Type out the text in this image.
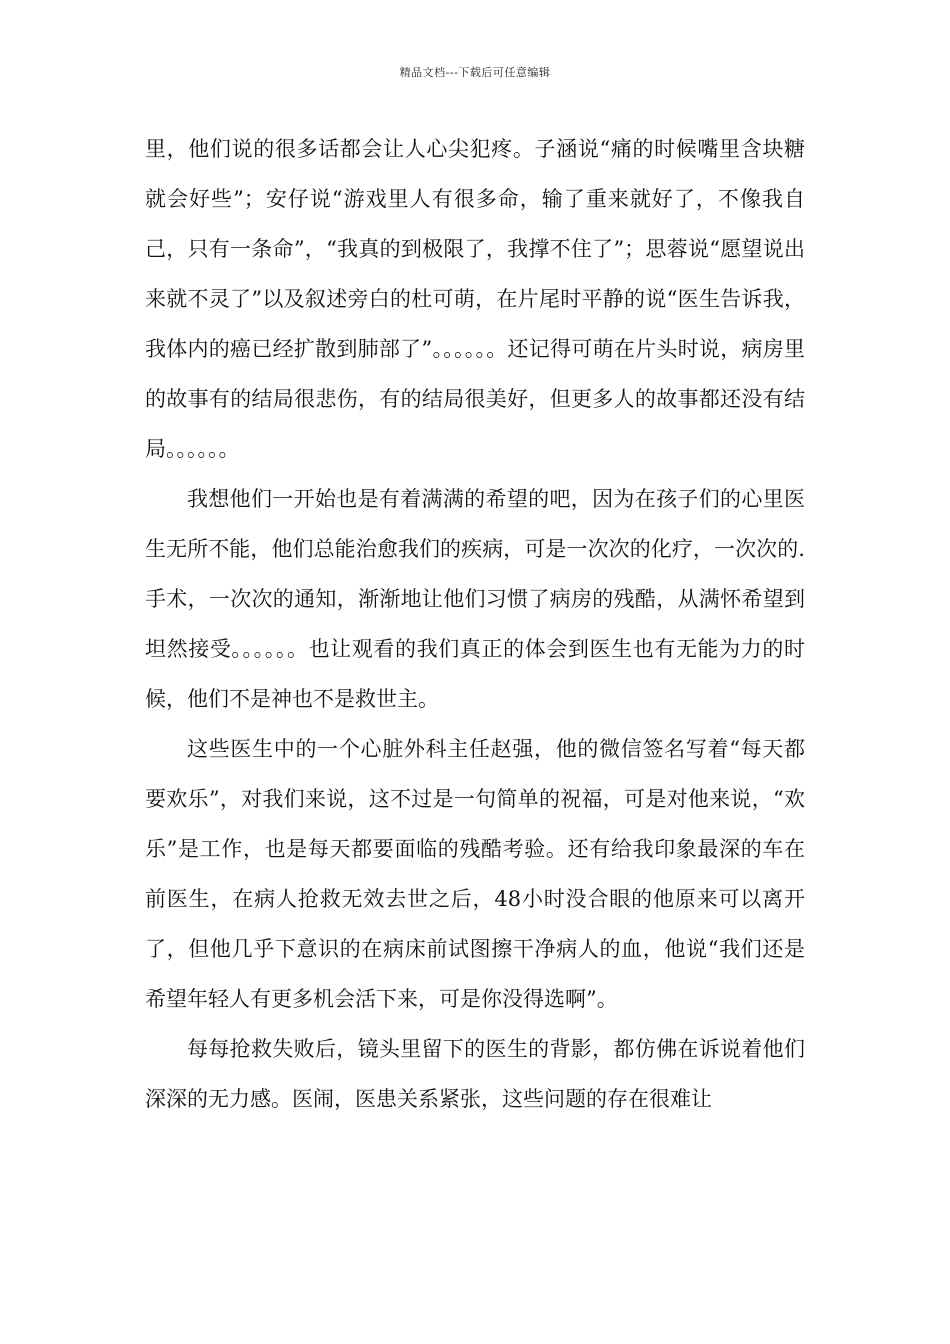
精品文档---下载后可任意编辑

里，他们说的很多话都会让人心尖犯疼。子涵说“痛的时候嘴里含块糖就会好些”；安仔说“游戏里人有很多命，输了重来就好了，不像我自己，只有一条命”，“我真的到极限了，我撑不住了”；思蓉说“愿望说出来就不灵了”以及叙述旁白的杜可萌，在片尾时平静的说“医生告诉我，我体内的癌已经扩散到肺部了”。。。。。。还记得可萌在片头时说，病房里的故事有的结局很悲伤，有的结局很美好，但更多人的故事都还没有结局。。。。。。

我想他们一开始也是有着满满的希望的吧，因为在孩子们的心里医生无所不能，他们总能治愈我们的疾病，可是一次次的化疗，一次次的.手术，一次次的通知，渐渐地让他们习惯了病房的残酷，从满怀希望到坦然接受。。。。。。也让观看的我们真正的体会到医生也有无能为力的时候，他们不是神也不是救世主。

这些医生中的一个心脏外科主任赵强，他的微信签名写着“每天都要欢乐”，对我们来说，这不过是一句简单的祝福，可是对他来说，“欢乐”是工作，也是每天都要面临的残酷考验。还有给我印象最深的车在前医生，在病人抢救无效去世之后，48小时没合眼的他原来可以离开了，但他几乎下意识的在病床前试图擦干净病人的血，他说“我们还是希望年轻人有更多机会活下来，可是你没得选啊”。

每每抢救失败后，镜头里留下的医生的背影，都仿佛在诉说着他们深深的无力感。医闹，医患关系紧张，这些问题的存在很难让
